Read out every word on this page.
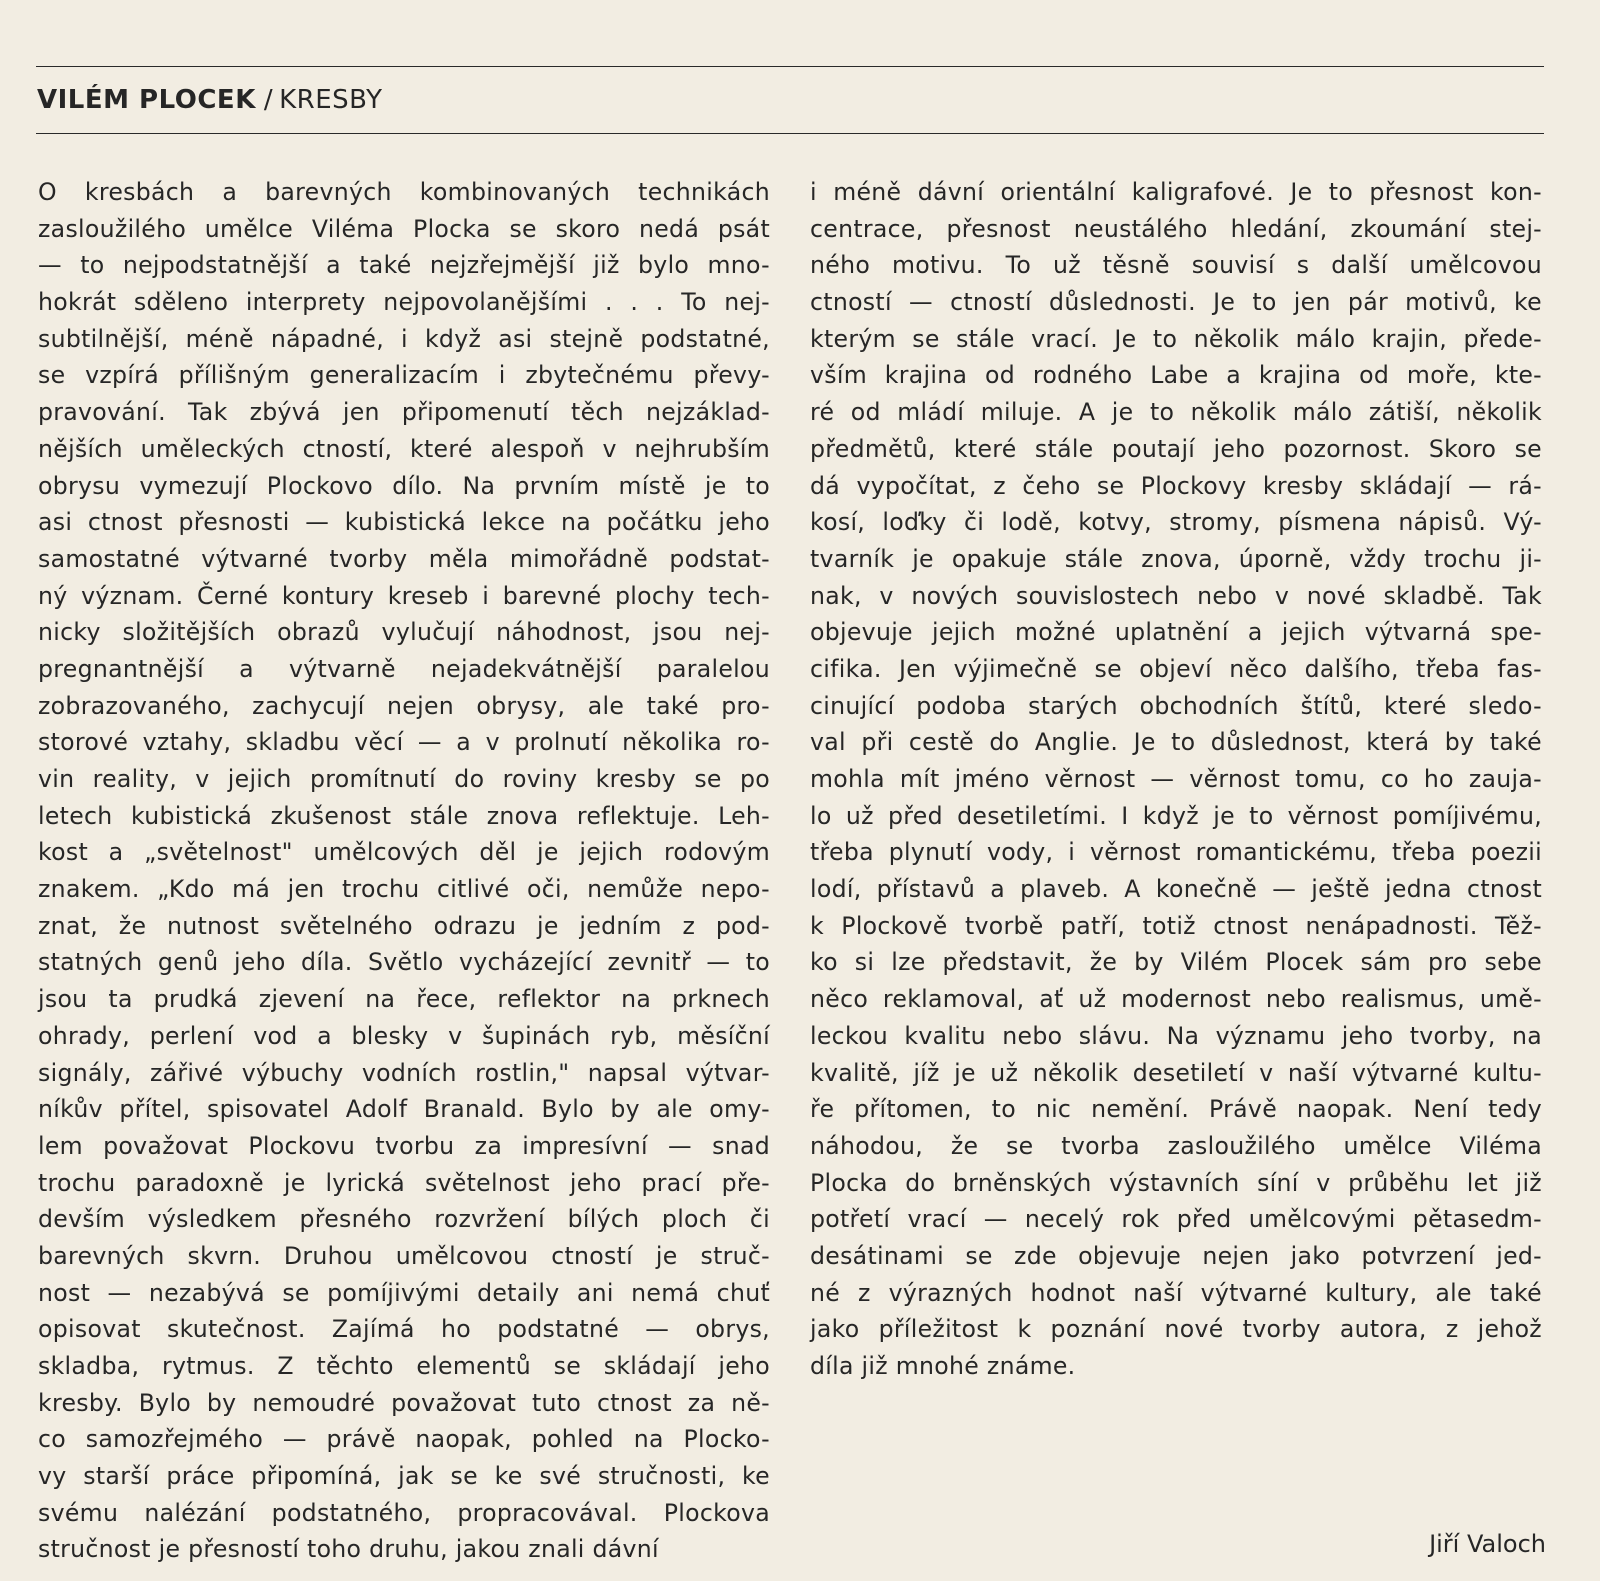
VILÉM PLOCEK / KRESBY
O kresbách a barevných kombinovaných technikách
zasloužilého umělce Viléma Plocka se skoro nedá psát
— to nejpodstatnější a také nejzřejmější již bylo mno-
hokrát sděleno interprety nejpovolanějšími . . . To nej-
subtilnější, méně nápadné, i když asi stejně podstatné,
se vzpírá přílišným generalizacím i zbytečnému převy-
pravování. Tak zbývá jen připomenutí těch nejzáklad-
nějších uměleckých ctností, které alespoň v nejhrubším
obrysu vymezují Plockovo dílo. Na prvním místě je to
asi ctnost přesnosti — kubistická lekce na počátku jeho
samostatné výtvarné tvorby měla mimořádně podstat-
ný význam. Černé kontury kreseb i barevné plochy tech-
nicky složitějších obrazů vylučují náhodnost, jsou nej-
pregnantnější a výtvarně nejadekvátnější paralelou
zobrazovaného, zachycují nejen obrysy, ale také pro-
storové vztahy, skladbu věcí — a v prolnutí několika ro-
vin reality, v jejich promítnutí do roviny kresby se po
letech kubistická zkušenost stále znova reflektuje. Leh-
kost a „světelnost" umělcových děl je jejich rodovým
znakem. „Kdo má jen trochu citlivé oči, nemůže nepo-
znat, že nutnost světelného odrazu je jedním z pod-
statných genů jeho díla. Světlo vycházející zevnitř — to
jsou ta prudká zjevení na řece, reflektor na prknech
ohrady, perlení vod a blesky v šupinách ryb, měsíční
signály, zářivé výbuchy vodních rostlin," napsal výtvar-
níkův přítel, spisovatel Adolf Branald. Bylo by ale omy-
lem považovat Plockovu tvorbu za impresívní — snad
trochu paradoxně je lyrická světelnost jeho prací pře-
devším výsledkem přesného rozvržení bílých ploch či
barevných skvrn. Druhou umělcovou ctností je struč-
nost — nezabývá se pomíjivými detaily ani nemá chuť
opisovat skutečnost. Zajímá ho podstatné — obrys,
skladba, rytmus. Z těchto elementů se skládají jeho
kresby. Bylo by nemoudré považovat tuto ctnost za ně-
co samozřejmého — právě naopak, pohled na Plocko-
vy starší práce připomíná, jak se ke své stručnosti, ke
svému nalézání podstatného, propracovával. Plockova
stručnost je přesností toho druhu, jakou znali dávní
i méně dávní orientální kaligrafové. Je to přesnost kon-
centrace, přesnost neustálého hledání, zkoumání stej-
ného motivu. To už těsně souvisí s další umělcovou
ctností — ctností důslednosti. Je to jen pár motivů, ke
kterým se stále vrací. Je to několik málo krajin, přede-
vším krajina od rodného Labe a krajina od moře, kte-
ré od mládí miluje. A je to několik málo zátiší, několik
předmětů, které stále poutají jeho pozornost. Skoro se
dá vypočítat, z čeho se Plockovy kresby skládají — rá-
kosí, loďky či lodě, kotvy, stromy, písmena nápisů. Vý-
tvarník je opakuje stále znova, úporně, vždy trochu ji-
nak, v nových souvislostech nebo v nové skladbě. Tak
objevuje jejich možné uplatnění a jejich výtvarná spe-
cifika. Jen výjimečně se objeví něco dalšího, třeba fas-
cinující podoba starých obchodních štítů, které sledo-
val při cestě do Anglie. Je to důslednost, která by také
mohla mít jméno věrnost — věrnost tomu, co ho zauja-
lo už před desetiletími. I když je to věrnost pomíjivému,
třeba plynutí vody, i věrnost romantickému, třeba poezii
lodí, přístavů a plaveb. A konečně — ještě jedna ctnost
k Plockově tvorbě patří, totiž ctnost nenápadnosti. Těž-
ko si lze představit, že by Vilém Plocek sám pro sebe
něco reklamoval, ať už modernost nebo realismus, umě-
leckou kvalitu nebo slávu. Na významu jeho tvorby, na
kvalitě, jíž je už několik desetiletí v naší výtvarné kultu-
ře přítomen, to nic nemění. Právě naopak. Není tedy
náhodou, že se tvorba zasloužilého umělce Viléma
Plocka do brněnských výstavních síní v průběhu let již
potřetí vrací — necelý rok před umělcovými pětasedm-
desátinami se zde objevuje nejen jako potvrzení jed-
né z výrazných hodnot naší výtvarné kultury, ale také
jako příležitost k poznání nové tvorby autora, z jehož
díla již mnohé známe.
Jiří Valoch
